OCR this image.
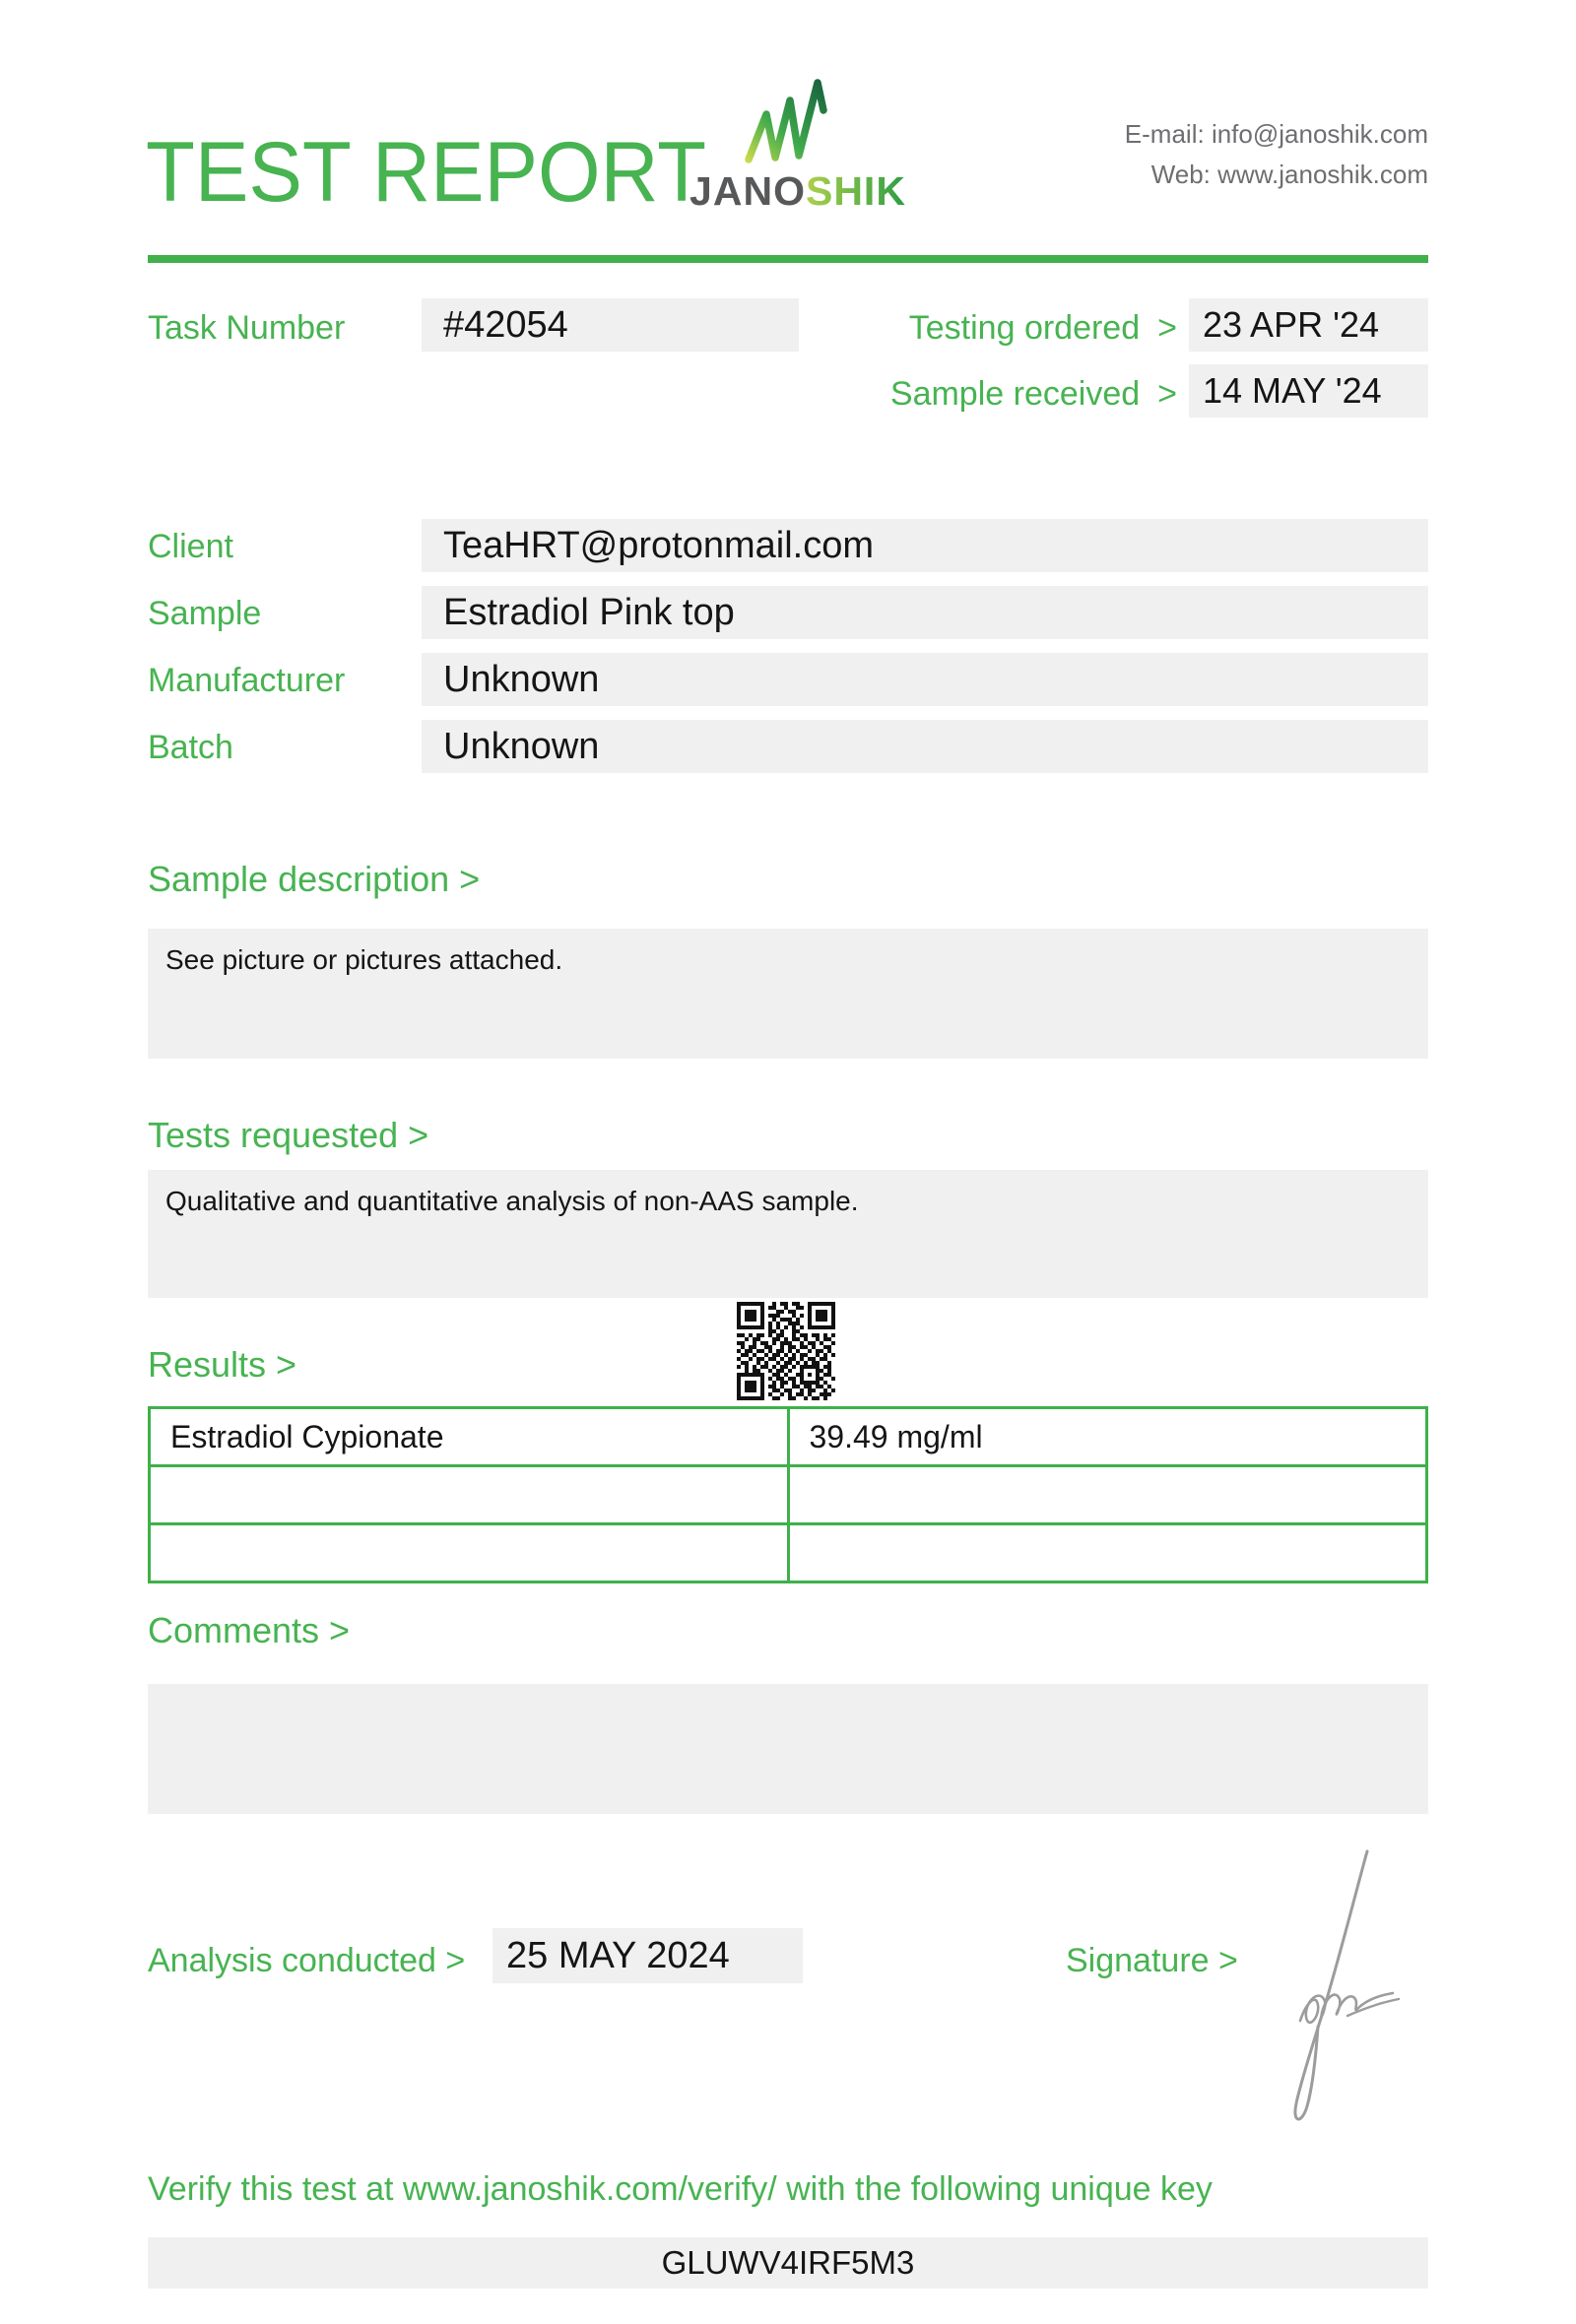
TEST REPORT
JANOSHIK
E-mail: info@janoshik.com
Web: www.janoshik.com
Task Number	#42054	Testing ordered > 23 APR '24
Sample received > 14 MAY '24
Client	TeaHRT@protonmail.com
Sample	Estradiol Pink top
Manufacturer	Unknown
Batch	Unknown
Sample description >
See picture or pictures attached.
Tests requested >
Qualitative and quantitative analysis of non-AAS sample.
Results >
Estradiol Cypionate	39.49 mg/ml

Comments >
Analysis conducted >	25 MAY 2024	Signature >
Verify this test at www.janoshik.com/verify/ with the following unique key
GLUWV4IRF5M3
